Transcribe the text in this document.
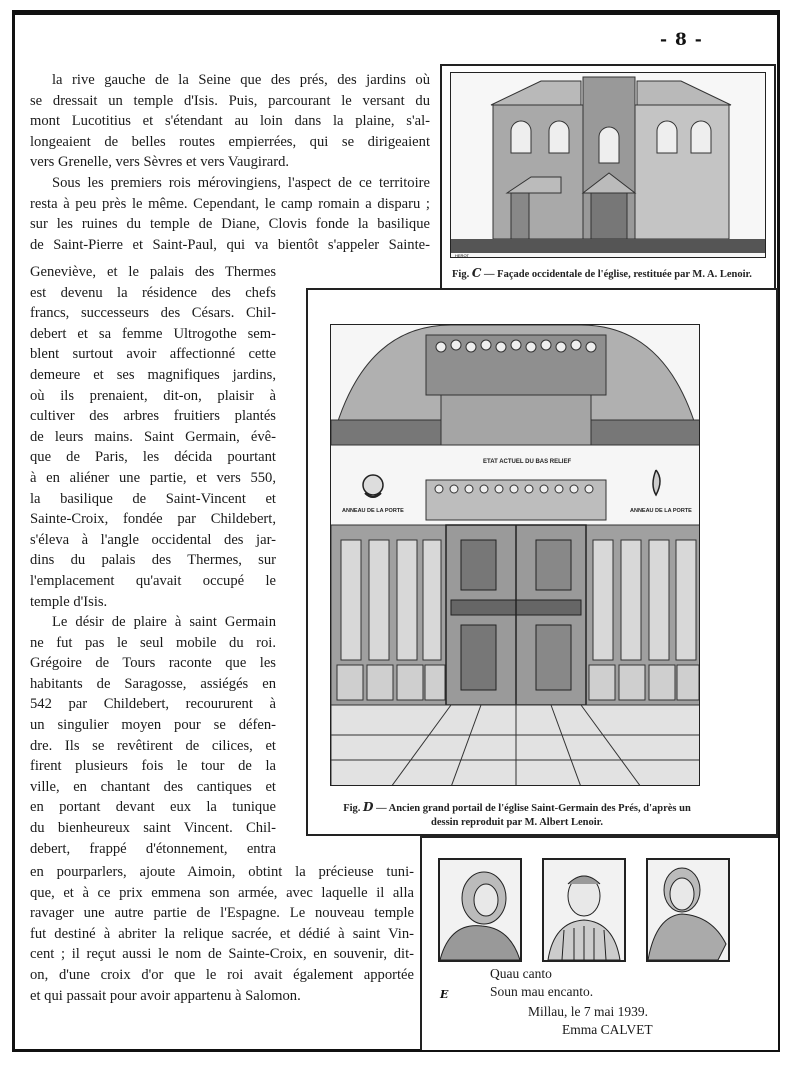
- 8 -
la rive gauche de la Seine que des prés, des jardins où
se dressait un temple d'Isis. Puis, parcourant le versant du
mont Lucotitius et s'étendant au loin dans la plaine, s'al-
longeaient de belles routes empierrées, qui se dirigeaient
vers Grenelle, vers Sèvres et vers Vaugirard.
Sous les premiers rois mérovingiens, l'aspect de ce territoire
resta à peu près le même. Cependant, le camp romain a disparu ;
sur les ruines du temple de Diane, Clovis fonde la basilique
de Saint-Pierre et Saint-Paul, qui va bientôt s'appeler Sainte-
Geneviève, et le palais des Thermes
est devenu la résidence des chefs
francs, successeurs des Césars. Chil-
debert et sa femme Ultrogothe sem-
blent surtout avoir affectionné cette
demeure et ses magnifiques jardins,
où ils prenaient, dit-on, plaisir à
cultiver des arbres fruitiers plantés
de leurs mains. Saint Germain, évê-
que de Paris, les décida pourtant
à en aliéner une partie, et vers 550,
la basilique de Saint-Vincent et
Sainte-Croix, fondée par Childebert,
s'éleva à l'angle occidental des jar-
dins du palais des Thermes, sur
l'emplacement qu'avait occupé le
temple d'Isis.
Le désir de plaire à saint Germain
ne fut pas le seul mobile du roi.
Grégoire de Tours raconte que les
habitants de Saragosse, assiégés en
542 par Childebert, recoururent à
un singulier moyen pour se défen-
dre. Ils se revêtirent de cilices, et
firent plusieurs fois le tour de la
ville, en chantant des cantiques et
en portant devant eux la tunique
du bienheureux saint Vincent. Chil-
debert, frappé d'étonnement, entra
en pourparlers, ajoute Aimoin, obtint la précieuse tuni-
que, et à ce prix emmena son armée, avec laquelle il alla
ravager une autre partie de l'Espagne. Le nouveau temple
fut destiné à abriter la relique sacrée, et dédié à saint Vin-
cent ; il reçut aussi le nom de Sainte-Croix, en souvenir, dit-
on, d'une croix d'or que le roi avait également apportée
et qui passait pour avoir appartenu à Salomon.
HEROT
Fig. C — Façade occidentale de l'église, restituée par M. A. Lenoir.
ETAT ACTUEL DU BAS RELIEF
ANNEAU DE LA PORTE	ANNEAU DE LA PORTE
Fig. D — Ancien grand portail de l'église Saint-Germain des Prés, d'après un dessin reproduit par M. Albert Lenoir.
Quau canto
Soun mau encanto.
Millau, le 7 mai 1939.
Emma CALVET
E
